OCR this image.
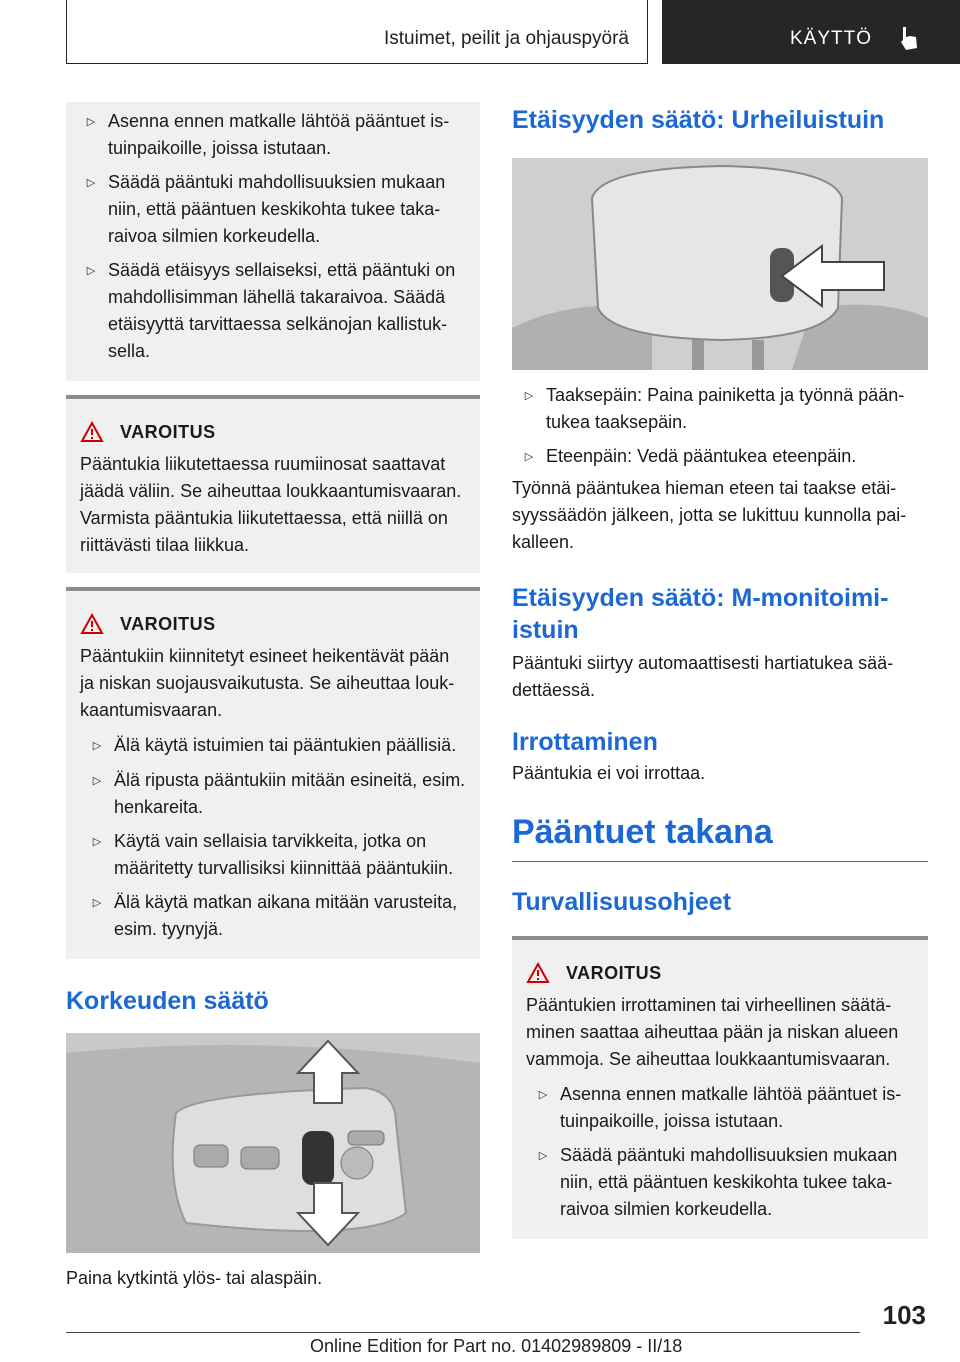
Istuimet, peilit ja ohjauspyörä	KÄYTTÖ
▷ Asenna ennen matkalle lähtöä pääntuet is-tuinpaikoille, joissa istutaan.
▷ Säädä pääntuki mahdollisuuksien mukaan niin, että pääntuen keskikohta tukee taka-raivoa silmien korkeudella.
▷ Säädä etäisyys sellaiseksi, että pääntuki on mahdollisimman lähellä takaraivoa. Säädä etäisyyttä tarvittaessa selkänojan kallistuk-sella.
VAROITUS

Pääntukia liikutettaessa ruumiinosat saattavat jäädä väliin. Se aiheuttaa loukkaantumisvaaran. Varmista pääntukia liikutettaessa, että niillä on riittävästi tilaa liikkua.

VAROITUS

Pääntukiin kiinnitetyt esineet heikentävät pään ja niskan suojausvaikutusta. Se aiheuttaa louk-kaantumisvaaran.

▷ Älä käytä istuimien tai pääntukien päällisiä.
▷ Älä ripusta pääntukiin mitään esineitä, esim. henkareita.
▷ Käytä vain sellaisia tarvikkeita, jotka on määritetty turvallisiksi kiinnittää pääntukiin.
▷ Älä käytä matkan aikana mitään varusteita, esim. tyynyjä.
Korkeuden säätö

Paina kytkintä ylös- tai alaspäin.

Etäisyyden säätö: Urheiluistuin
▷ Taaksepäin: Paina painiketta ja työnnä pään-tukea taaksepäin.
▷ Eteenpäin: Vedä pääntukea eteenpäin.

Työnnä pääntukea hieman eteen tai taakse etäi-syyssäädön jälkeen, jotta se lukittuu kunnolla pai-kalleen.

Etäisyyden säätö: M-monitoimi-istuin

Pääntuki siirtyy automaattisesti hartiatukea sää-dettäessä.

Irrottaminen

Pääntukia ei voi irrottaa.

Pääntuet takana
Turvallisuusohjeet
VAROITUS

Pääntukien irrottaminen tai virheellinen säätä-minen saattaa aiheuttaa pään ja niskan alueen vammoja. Se aiheuttaa loukkaantumisvaaran.

▷ Asenna ennen matkalle lähtöä pääntuet is-tuinpaikoille, joissa istutaan.
▷ Säädä pääntuki mahdollisuuksien mukaan niin, että pääntuen keskikohta tukee taka-raivoa silmien korkeudella.
103
Online Edition for Part no. 01402989809 - II/18
